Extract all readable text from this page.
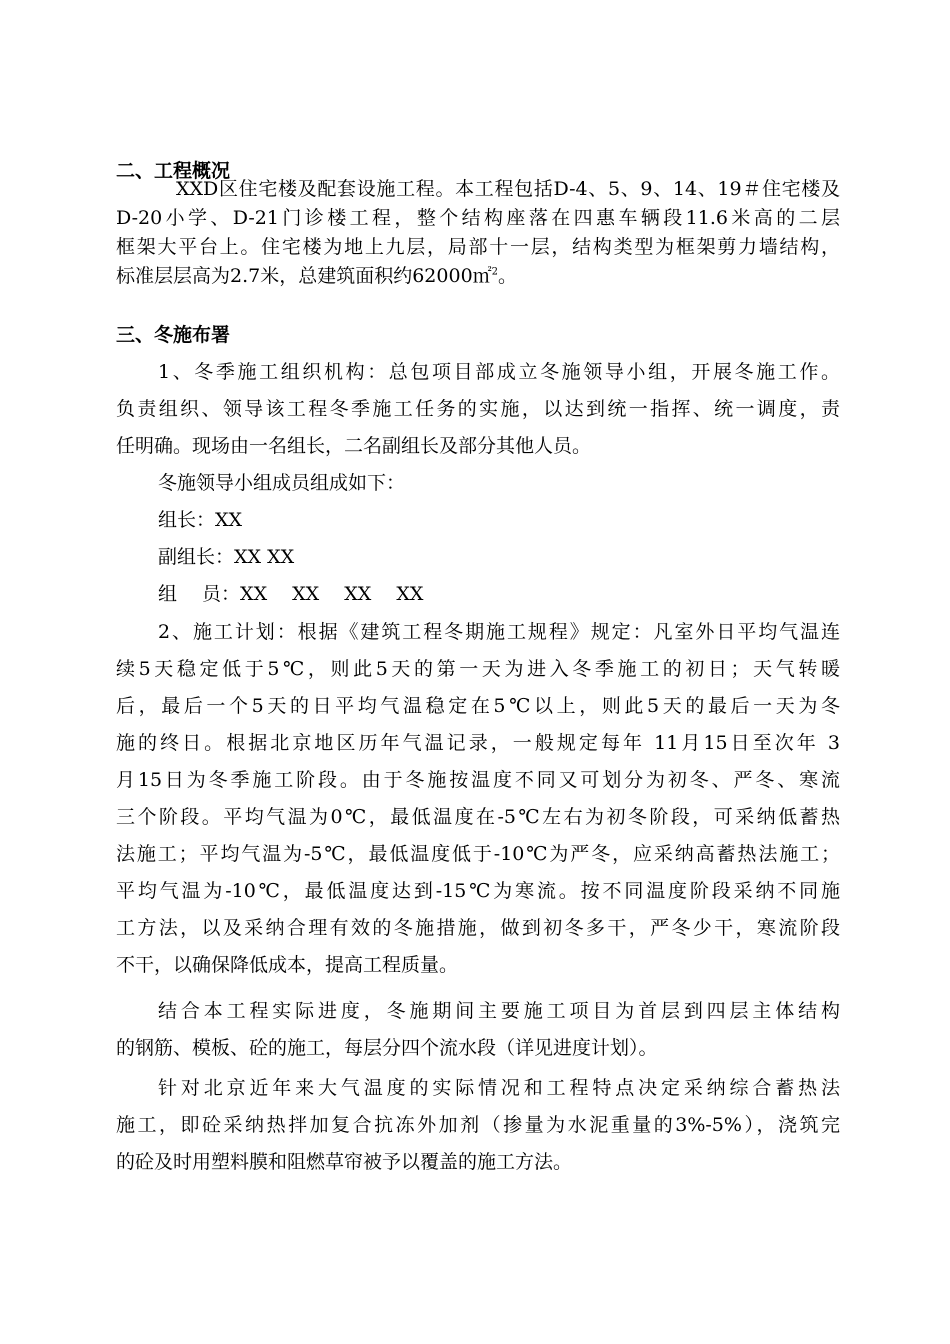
二、工程概况
XXD区住宅楼及配套设施工程。本工程包括D-4、5、9、14、19＃住宅楼及
D-20小学、D-21门诊楼工程，整个结构座落在四惠车辆段11.6米高的二层
框架大平台上。住宅楼为地上九层，局部十一层，结构类型为框架剪力墙结构，
标准层层高为2.7米，总建筑面积约62000㎡$^2$。
三、冬施布署
1、冬季施工组织机构：总包项目部成立冬施领导小组，开展冬施工作。
负责组织、领导该工程冬季施工任务的实施，以达到统一指挥、统一调度，责
任明确。现场由一名组长，二名副组长及部分其他人员。
冬施领导小组成员组成如下：
组长：XX
副组长：XX XX
组　 员：XX　 XX　 XX　 XX
2、施工计划：根据《建筑工程冬期施工规程》规定：凡室外日平均气温连
续5天稳定低于5℃，则此5天的第一天为进入冬季施工的初日；天气转暖
后，最后一个5天的日平均气温稳定在5℃以上，则此5天的最后一天为冬
施的终日。根据北京地区历年气温记录，一般规定每年 11月15日至次年 3
月15日为冬季施工阶段。由于冬施按温度不同又可划分为初冬、严冬、寒流
三个阶段。平均气温为0℃，最低温度在-5℃左右为初冬阶段，可采纳低蓄热
法施工；平均气温为-5℃，最低温度低于-10℃为严冬，应采纳高蓄热法施工；
平均气温为-10℃，最低温度达到-15℃为寒流。按不同温度阶段采纳不同施
工方法，以及采纳合理有效的冬施措施，做到初冬多干，严冬少干，寒流阶段
不干，以确保降低成本，提高工程质量。
结合本工程实际进度，冬施期间主要施工项目为首层到四层主体结构
的钢筋、模板、砼的施工，每层分四个流水段（详见进度计划）。
针对北京近年来大气温度的实际情况和工程特点决定采纳综合蓄热法
施工，即砼采纳热拌加复合抗冻外加剂（掺量为水泥重量的3%-5%），浇筑完
的砼及时用塑料膜和阻燃草帘被予以覆盖的施工方法。
